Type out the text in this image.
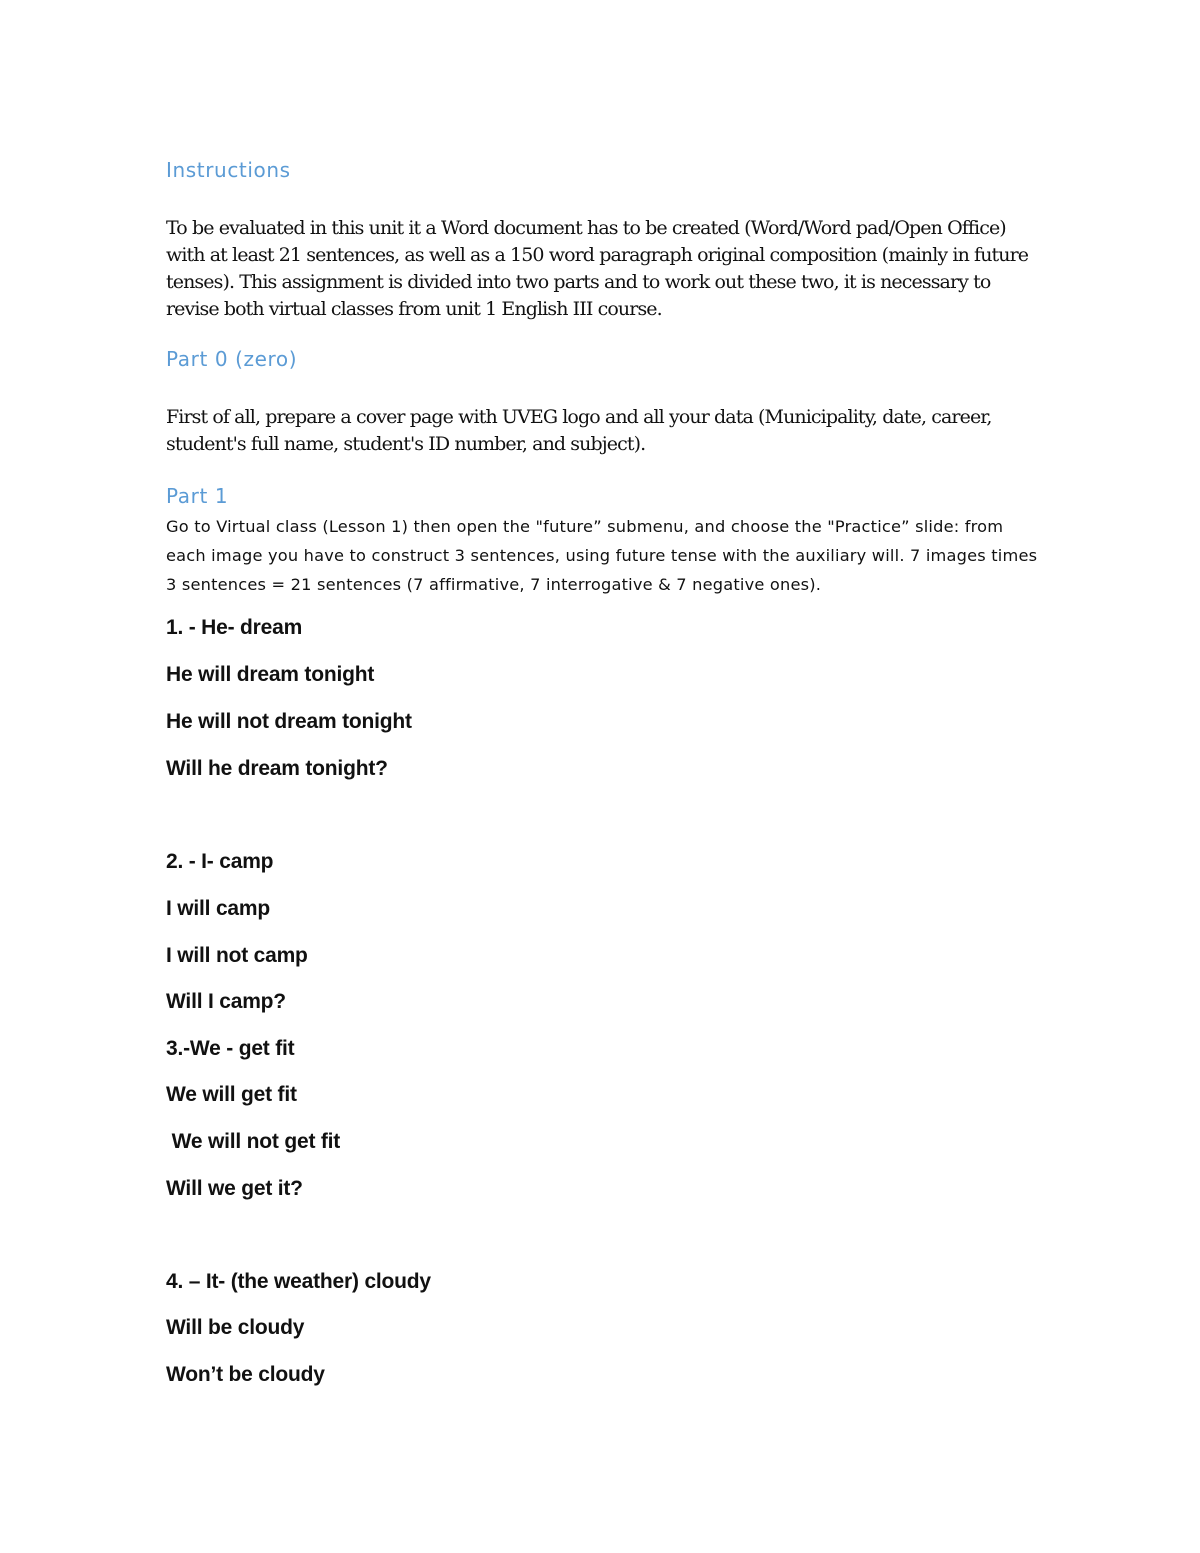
Instructions

To be evaluated in this unit it a Word document has to be created (Word/Word pad/Open Office) with at least 21 sentences, as well as a 150 word paragraph original composition (mainly in future tenses). This assignment is divided into two parts and to work out these two, it is necessary to revise both virtual classes from unit 1 English III course.

Part 0 (zero)

First of all, prepare a cover page with UVEG logo and all your data (Municipality, date, career, student's full name, student's ID number, and subject).

Part 1

Go to Virtual class (Lesson 1) then open the "future” submenu, and choose the "Practice” slide: from each image you have to construct 3 sentences, using future tense with the auxiliary will. 7 images times 3 sentences = 21 sentences (7 affirmative, 7 interrogative & 7 negative ones).

1. - He- dream
He will dream tonight
He will not dream tonight
Will he dream tonight?
2. - I- camp
I will camp
I will not camp
Will I camp?
3.-We - get fit
We will get fit
We will not get fit
Will we get it?
4. – It- (the weather) cloudy
Will be cloudy
Won’t be cloudy
